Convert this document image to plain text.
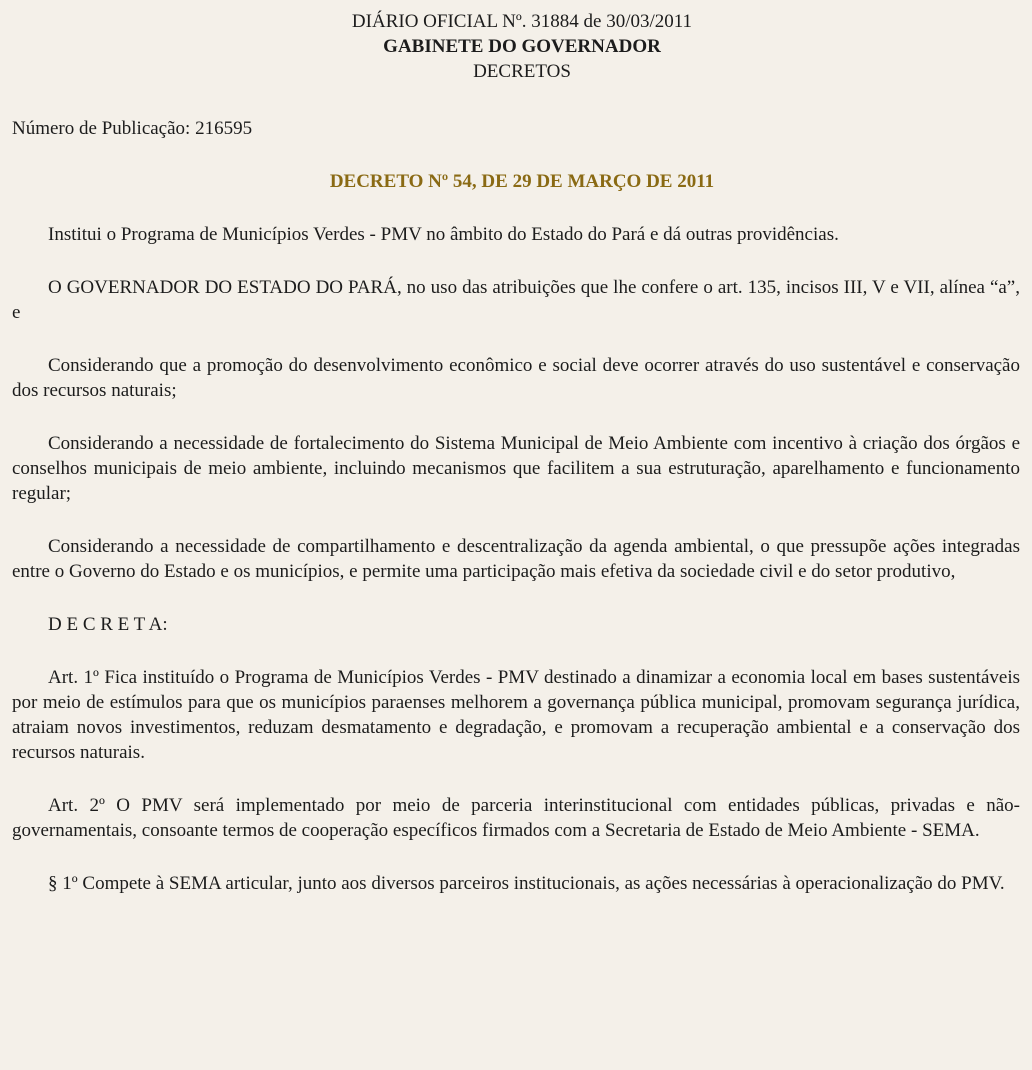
DIÁRIO OFICIAL Nº. 31884 de 30/03/2011
GABINETE DO GOVERNADOR
DECRETOS
Número de Publicação: 216595
DECRETO Nº 54, DE 29 DE MARÇO DE 2011

Institui o Programa de Municípios Verdes - PMV no âmbito do Estado do Pará e dá outras providências.

O GOVERNADOR DO ESTADO DO PARÁ, no uso das atribuições que lhe confere o art. 135, incisos III, V e VII, alínea “a”, e

Considerando que a promoção do desenvolvimento econômico e social deve ocorrer através do uso sustentável e conservação dos recursos naturais;

Considerando a necessidade de fortalecimento do Sistema Municipal de Meio Ambiente com incentivo à criação dos órgãos e conselhos municipais de meio ambiente, incluindo mecanismos que facilitem a sua estruturação, aparelhamento e funcionamento regular;

Considerando a necessidade de compartilhamento e descentralização da agenda ambiental, o que pressupõe ações integradas entre o Governo do Estado e os municípios, e permite uma participação mais efetiva da sociedade civil e do setor produtivo,

D E C R E T A:

Art. 1º Fica instituído o Programa de Municípios Verdes - PMV destinado a dinamizar a economia local em bases sustentáveis por meio de estímulos para que os municípios paraenses melhorem a governança pública municipal, promovam segurança jurídica, atraiam novos investimentos, reduzam desmatamento e degradação, e promovam a recuperação ambiental e a conservação dos recursos naturais.

Art. 2º O PMV será implementado por meio de parceria interinstitucional com entidades públicas, privadas e não-governamentais, consoante termos de cooperação específicos firmados com a Secretaria de Estado de Meio Ambiente - SEMA.

§ 1º Compete à SEMA articular, junto aos diversos parceiros institucionais, as ações necessárias à operacionalização do PMV.
